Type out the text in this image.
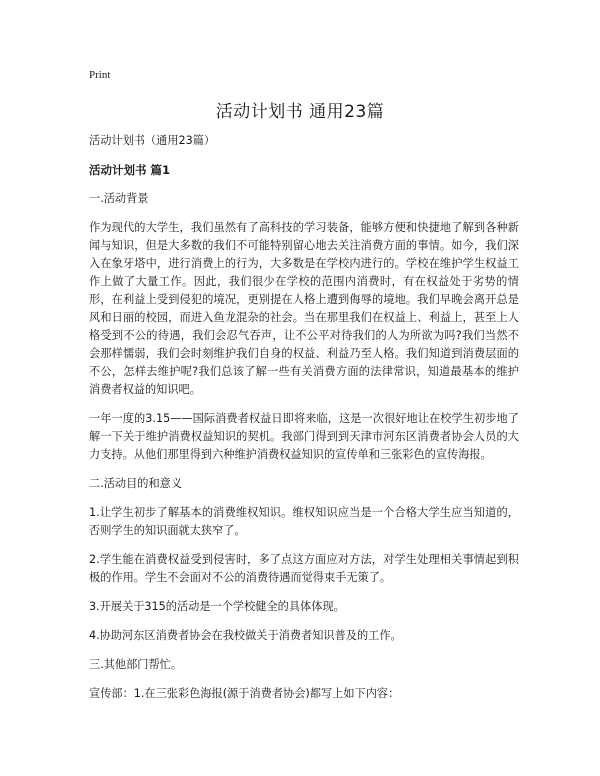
Print
活动计划书 通用23篇

活动计划书（通用23篇）

活动计划书 篇1

一.活动背景

作为现代的大学生，我们虽然有了高科技的学习装备，能够方便和快捷地了解到各种新闻与知识，但是大多数的我们不可能特别留心地去关注消费方面的事情。如今，我们深入在象牙塔中，进行消费上的行为，大多数是在学校内进行的。学校在维护学生权益工作上做了大量工作。因此，我们很少在学校的范围内消费时，有在权益处于劣势的情形，在利益上受到侵犯的境况，更别提在人格上遭到侮辱的境地。我们早晚会离开总是风和日丽的校园，而进入鱼龙混杂的社会。当在那里我们在权益上、利益上，甚至上人格受到不公的待遇，我们会忍气吞声，让不公平对待我们的人为所欲为吗?我们当然不会那样懦弱，我们会时刻维护我们自身的权益、利益乃至人格。我们知道到消费层面的不公，怎样去维护呢?我们总该了解一些有关消费方面的法律常识，知道最基本的维护消费者权益的知识吧。

一年一度的3.15——国际消费者权益日即将来临，这是一次很好地让在校学生初步地了解一下关于维护消费权益知识的契机。我部门得到到天津市河东区消费者协会人员的大力支持。从他们那里得到六种维护消费权益知识的宣传单和三张彩色的宣传海报。

二.活动目的和意义

1.让学生初步了解基本的消费维权知识。维权知识应当是一个合格大学生应当知道的，否则学生的知识面就太狭窄了。

2.学生能在消费权益受到侵害时，多了点这方面应对方法，对学生处理相关事情起到积极的作用。学生不会面对不公的消费待遇而觉得束手无策了。

3.开展关于315的活动是一个学校健全的具体体现。

4.协助河东区消费者协会在我校做关于消费者知识普及的工作。

三.其他部门帮忙。

宣传部：1.在三张彩色海报(源于消费者协会)都写上如下内容：
